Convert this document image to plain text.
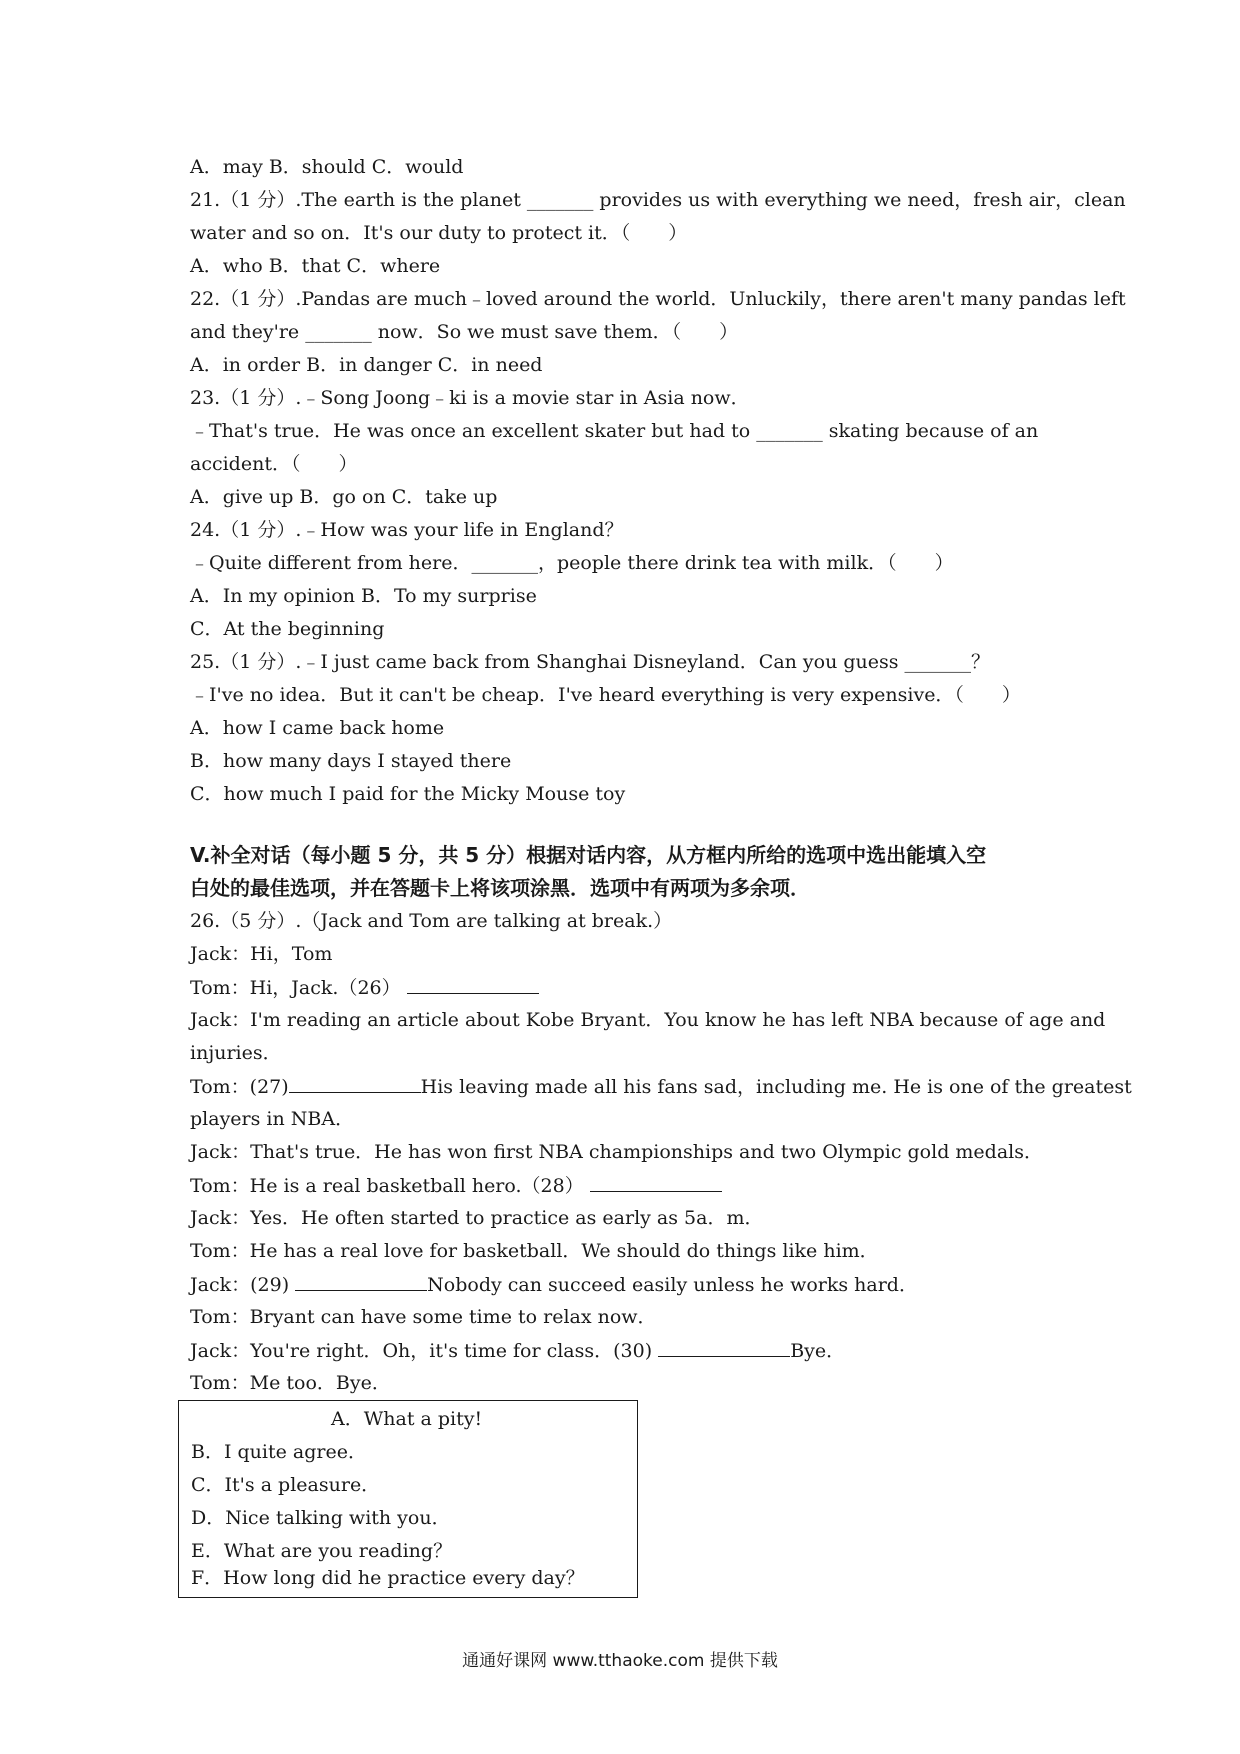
A．may B．should C．would
21.（1 分）.The earth is the planet _______ provides us with everything we need，fresh air，clean
water and so on．It's our duty to protect it．（　　）
A．who B．that C．where
22.（1 分）.Pandas are much﹣loved around the world．Unluckily，there aren't many pandas left
and they're _______ now．So we must save them．（　　）
A．in order B．in danger C．in need
23.（1 分）.﹣Song Joong﹣ki is a movie star in Asia now．
﹣That's true．He was once an excellent skater but had to _______ skating because of an
accident．（　　）
A．give up B．go on C．take up
24.（1 分）.﹣How was your life in England？
﹣Quite different from here．_______，people there drink tea with milk．（　　）
A．In my opinion B．To my surprise
C．At the beginning
25.（1 分）.﹣I just came back from Shanghai Disneyland．Can you guess _______？
﹣I've no idea．But it can't be cheap．I've heard everything is very expensive．（　　）
A．how I came back home
B．how many days I stayed there
C．how much I paid for the Micky Mouse toy
V.补全对话（每小题 5 分，共 5 分）根据对话内容，从方框内所给的选项中选出能填入空
白处的最佳选项，并在答题卡上将该项涂黑．选项中有两项为多余项．
26.（5 分）.（Jack and Tom are talking at break.）
Jack：Hi，Tom
Tom：Hi，Jack.（26）
Jack：I'm reading an article about Kobe Bryant．You know he has left NBA because of age and
injuries．
Tom：(27)	His leaving made all his fans sad，including me. He is one of the greatest
players in NBA．
Jack：That's true．He has won first NBA championships and two Olympic gold medals．
Tom：He is a real basketball hero.（28）
Jack：Yes．He often started to practice as early as 5a．m．
Tom：He has a real love for basketball．We should do things like him．
Jack：(29)	Nobody can succeed easily unless he works hard．
Tom：Bryant can have some time to relax now．
Jack：You're right．Oh，it's time for class．(30)	Bye．
Tom：Me too．Bye．
A．What a pity!
B．I quite agree．
C．It's a pleasure．
D．Nice talking with you．
E．What are you reading？
F．How long did he practice every day？
通通好课网 www.tthaoke.com 提供下载
